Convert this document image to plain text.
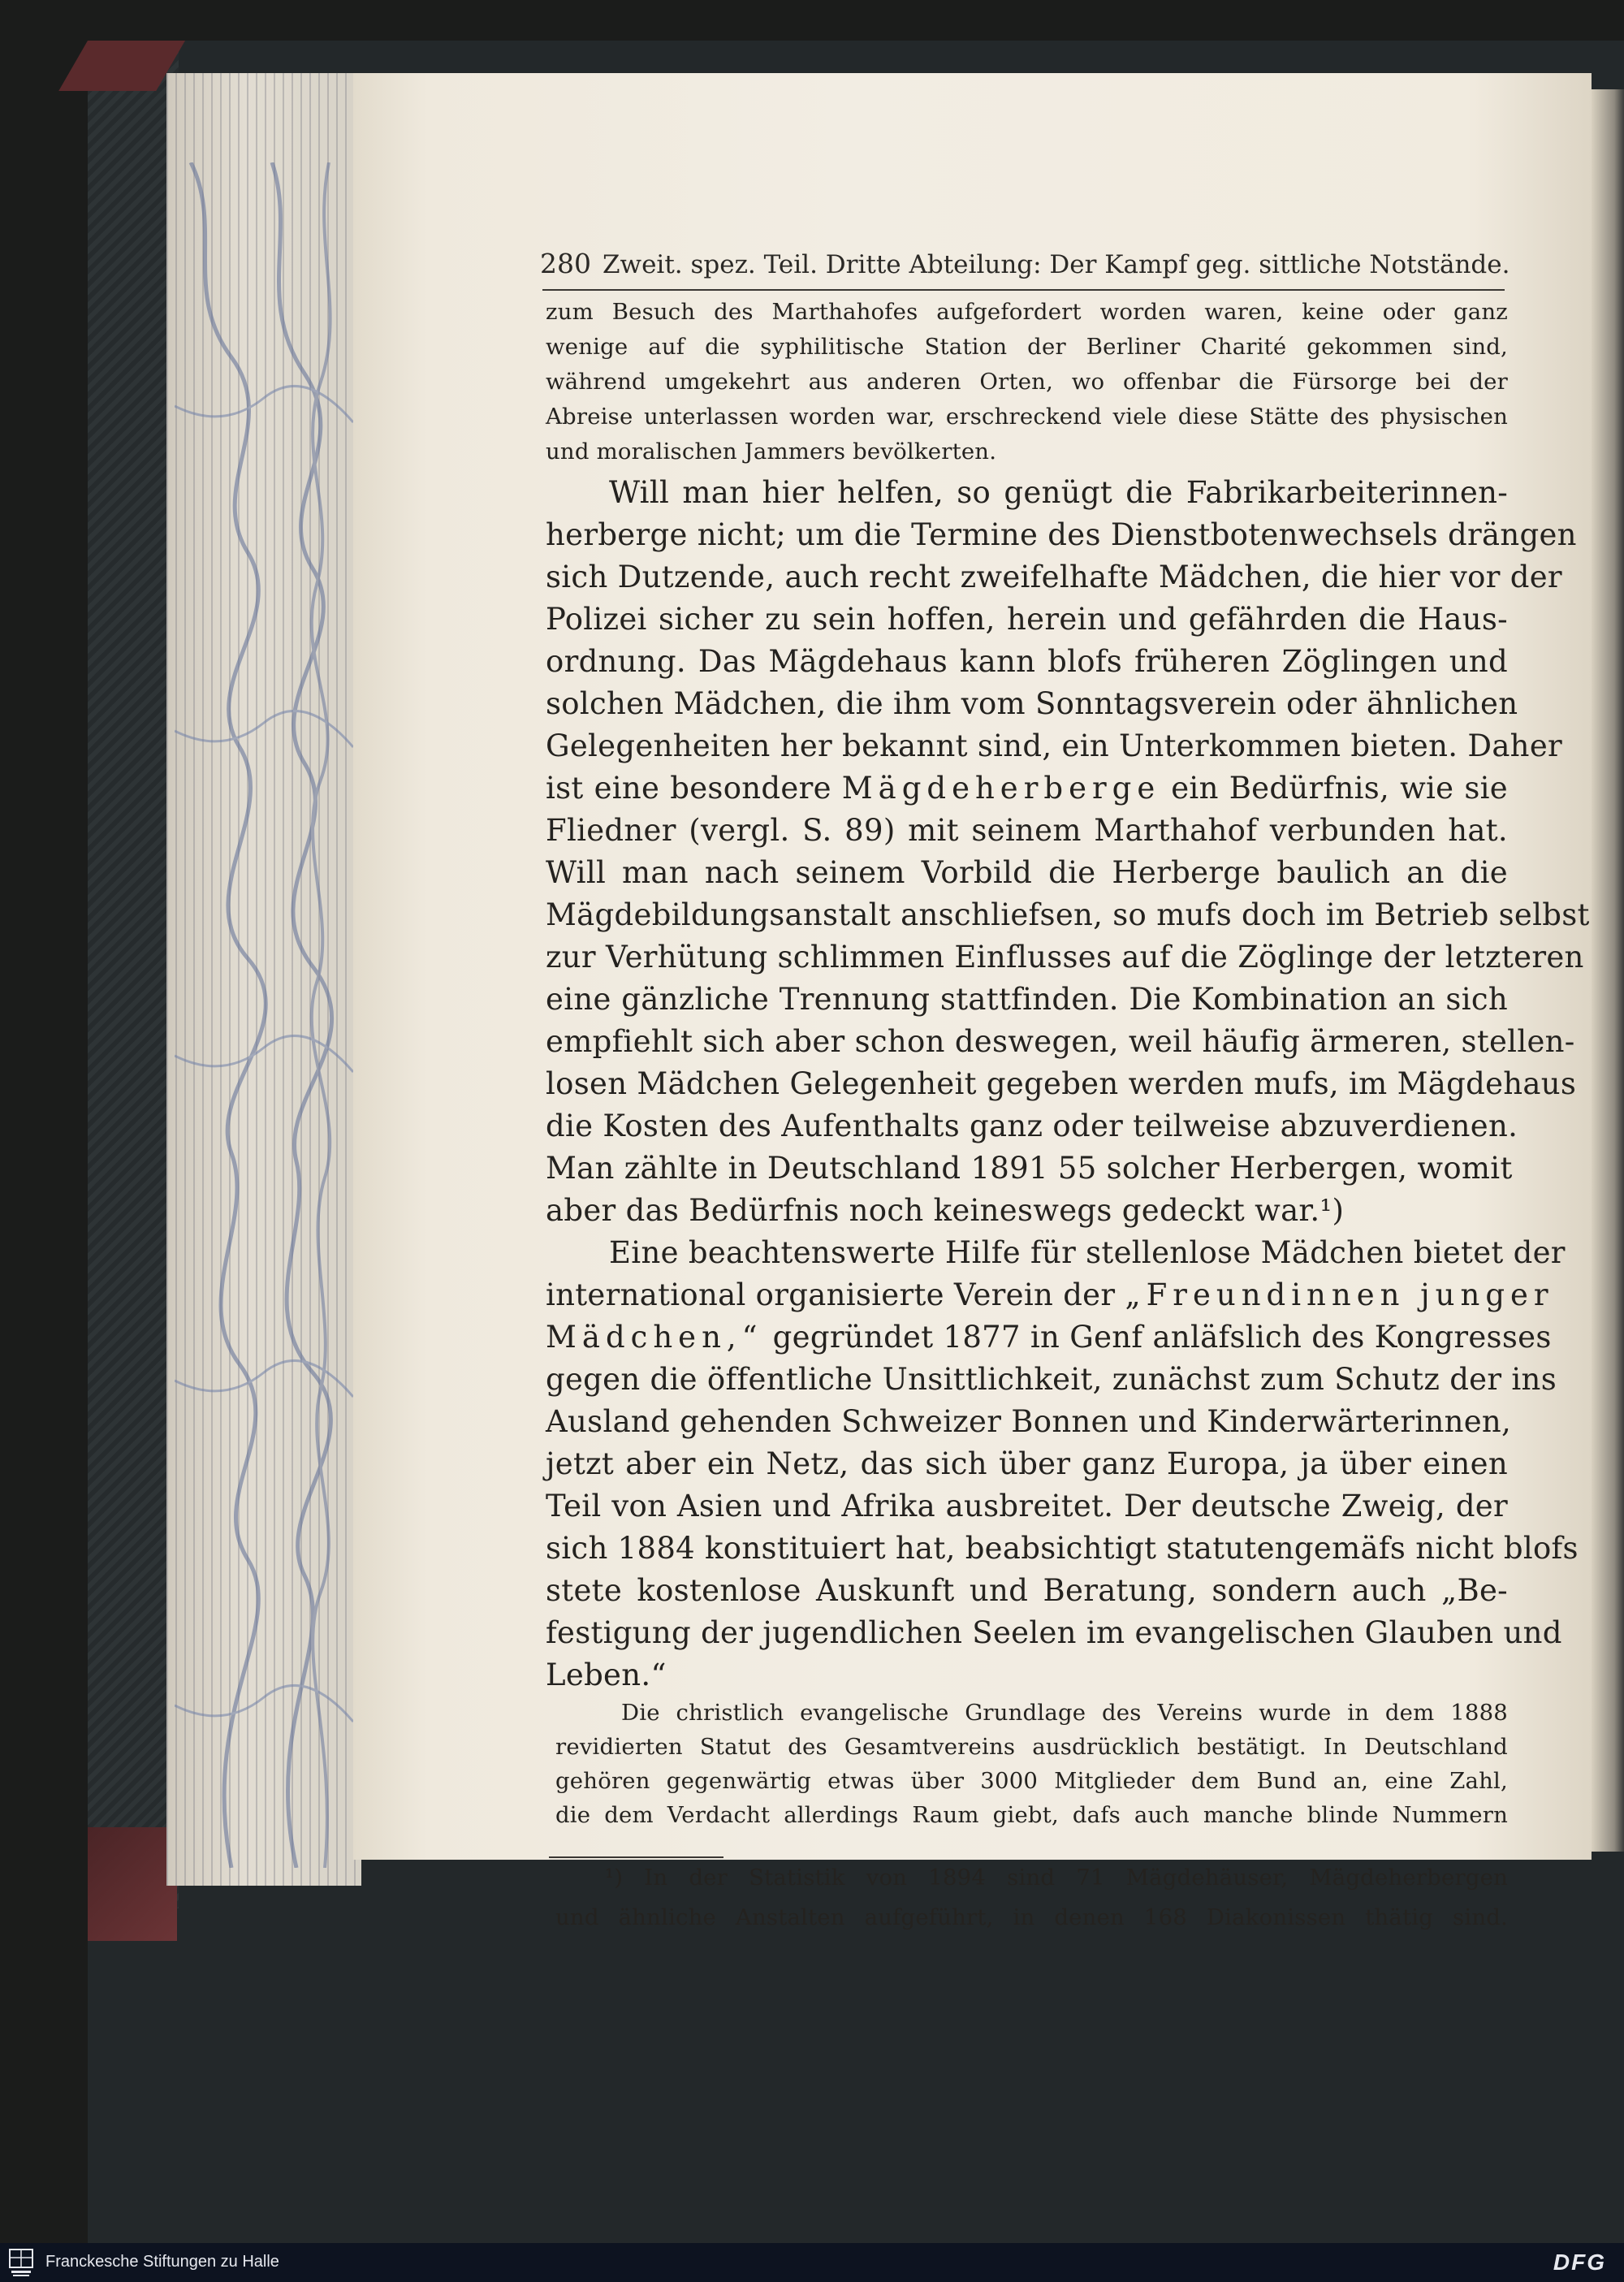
280 Zweit. spez. Teil. Dritte Abteilung: Der Kampf geg. sittliche Notstände.
zum Besuch des Marthahofes aufgefordert worden waren, keine oder ganz
wenige auf die syphilitische Station der Berliner Charité gekommen sind,
während umgekehrt aus anderen Orten, wo offenbar die Fürsorge bei der
Abreise unterlassen worden war, erschreckend viele diese Stätte des physischen
und moralischen Jammers bevölkerten.
Will man hier helfen, so genügt die Fabrikarbeiterinnen-
herberge nicht; um die Termine des Dienstbotenwechsels drängen
sich Dutzende, auch recht zweifelhafte Mädchen, die hier vor der
Polizei sicher zu sein hoffen, herein und gefährden die Haus-
ordnung. Das Mägdehaus kann blofs früheren Zöglingen und
solchen Mädchen, die ihm vom Sonntagsverein oder ähnlichen
Gelegenheiten her bekannt sind, ein Unterkommen bieten. Daher
ist eine besondere Mägdeherberge ein Bedürfnis, wie sie
Fliedner (vergl. S. 89) mit seinem Marthahof verbunden hat.
Will man nach seinem Vorbild die Herberge baulich an die
Mägdebildungsanstalt anschliefsen, so mufs doch im Betrieb selbst
zur Verhütung schlimmen Einflusses auf die Zöglinge der letzteren
eine gänzliche Trennung stattfinden. Die Kombination an sich
empfiehlt sich aber schon deswegen, weil häufig ärmeren, stellen-
losen Mädchen Gelegenheit gegeben werden mufs, im Mägdehaus
die Kosten des Aufenthalts ganz oder teilweise abzuverdienen.
Man zählte in Deutschland 1891 55 solcher Herbergen, womit
aber das Bedürfnis noch keineswegs gedeckt war.¹)
Eine beachtenswerte Hilfe für stellenlose Mädchen bietet der
international organisierte Verein der „Freundinnen junger
Mädchen,“ gegründet 1877 in Genf anläfslich des Kongresses
gegen die öffentliche Unsittlichkeit, zunächst zum Schutz der ins
Ausland gehenden Schweizer Bonnen und Kinderwärterinnen,
jetzt aber ein Netz, das sich über ganz Europa, ja über einen
Teil von Asien und Afrika ausbreitet. Der deutsche Zweig, der
sich 1884 konstituiert hat, beabsichtigt statutengemäfs nicht blofs
stete kostenlose Auskunft und Beratung, sondern auch „Be-
festigung der jugendlichen Seelen im evangelischen Glauben und
Leben.“
Die christlich evangelische Grundlage des Vereins wurde in dem 1888
revidierten Statut des Gesamtvereins ausdrücklich bestätigt. In Deutschland
gehören gegenwärtig etwas über 3000 Mitglieder dem Bund an, eine Zahl,
die dem Verdacht allerdings Raum giebt, dafs auch manche blinde Nummern
¹) In der Statistik von 1894 sind 71 Mägdehäuser, Mägdeherbergen
und ähnliche Anstalten aufgeführt, in denen 168 Diakonissen thätig sind.
Franckesche Stiftungen zu Halle	DFG
